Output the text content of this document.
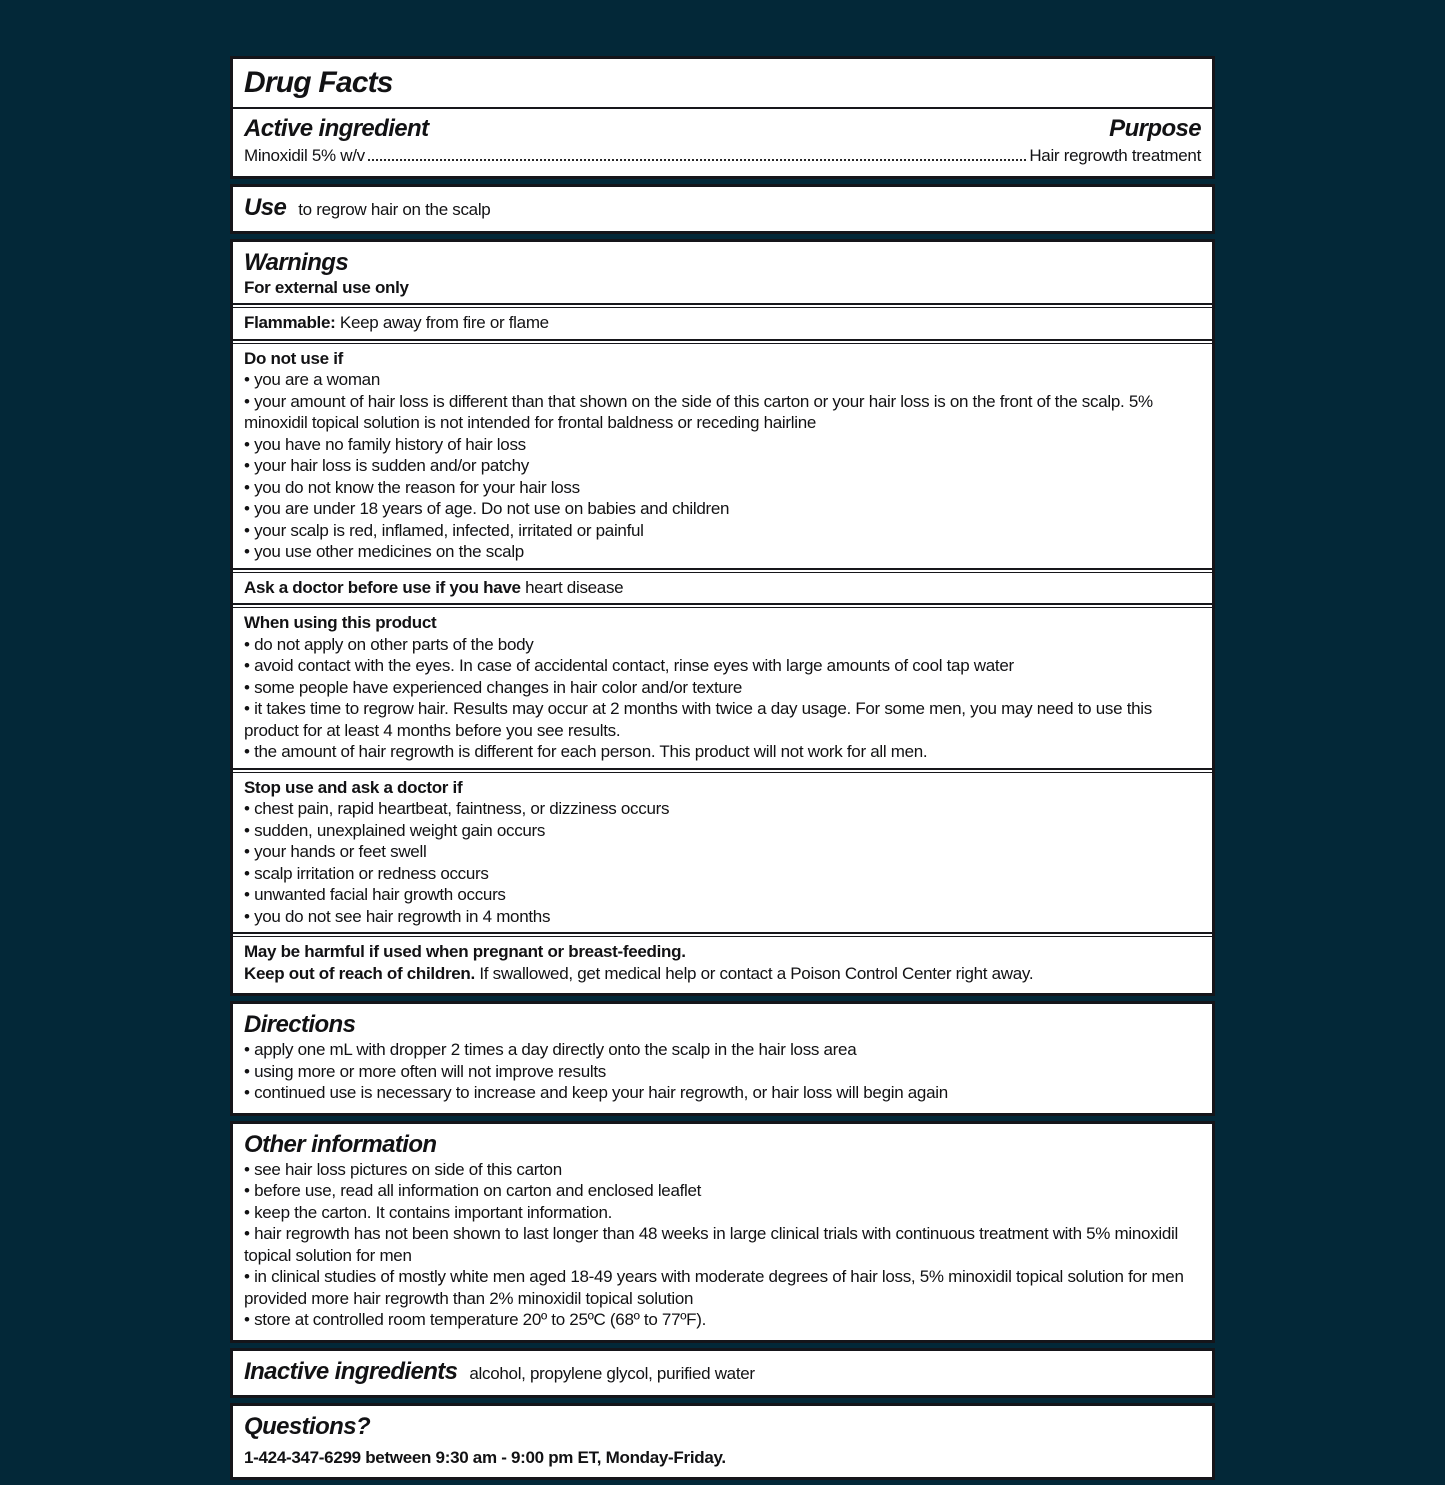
Drug Facts
Active ingredient	Purpose
Minoxidil 5% w/v	Hair regrowth treatment
Use to regrow hair on the scalp
Warnings

For external use only

Flammable: Keep away from fire or flame

Do not use if

• you are a woman

• your amount of hair loss is different than that shown on the side of this carton or your hair loss is on the front of the scalp. 5% minoxidil topical solution is not intended for frontal baldness or receding hairline

• you have no family history of hair loss

• your hair loss is sudden and/or patchy

• you do not know the reason for your hair loss

• you are under 18 years of age. Do not use on babies and children

• your scalp is red, inflamed, infected, irritated or painful

• you use other medicines on the scalp

Ask a doctor before use if you have heart disease

When using this product

• do not apply on other parts of the body

• avoid contact with the eyes. In case of accidental contact, rinse eyes with large amounts of cool tap water

• some people have experienced changes in hair color and/or texture

• it takes time to regrow hair. Results may occur at 2 months with twice a day usage. For some men, you may need to use this product for at least 4 months before you see results.

• the amount of hair regrowth is different for each person. This product will not work for all men.

Stop use and ask a doctor if

• chest pain, rapid heartbeat, faintness, or dizziness occurs

• sudden, unexplained weight gain occurs

• your hands or feet swell

• scalp irritation or redness occurs

• unwanted facial hair growth occurs

• you do not see hair regrowth in 4 months

May be harmful if used when pregnant or breast-feeding.

Keep out of reach of children. If swallowed, get medical help or contact a Poison Control Center right away.

Directions

• apply one mL with dropper 2 times a day directly onto the scalp in the hair loss area

• using more or more often will not improve results

• continued use is necessary to increase and keep your hair regrowth, or hair loss will begin again

Other information

• see hair loss pictures on side of this carton

• before use, read all information on carton and enclosed leaflet

• keep the carton. It contains important information.

• hair regrowth has not been shown to last longer than 48 weeks in large clinical trials with continuous treatment with 5% minoxidil topical solution for men

• in clinical studies of mostly white men aged 18-49 years with moderate degrees of hair loss, 5% minoxidil topical solution for men provided more hair regrowth than 2% minoxidil topical solution

• store at controlled room temperature 20º to 25ºC (68º to 77ºF).

Inactive ingredients alcohol, propylene glycol, purified water
Questions?

1-424-347-6299 between 9:30 am - 9:00 pm ET, Monday-Friday.
